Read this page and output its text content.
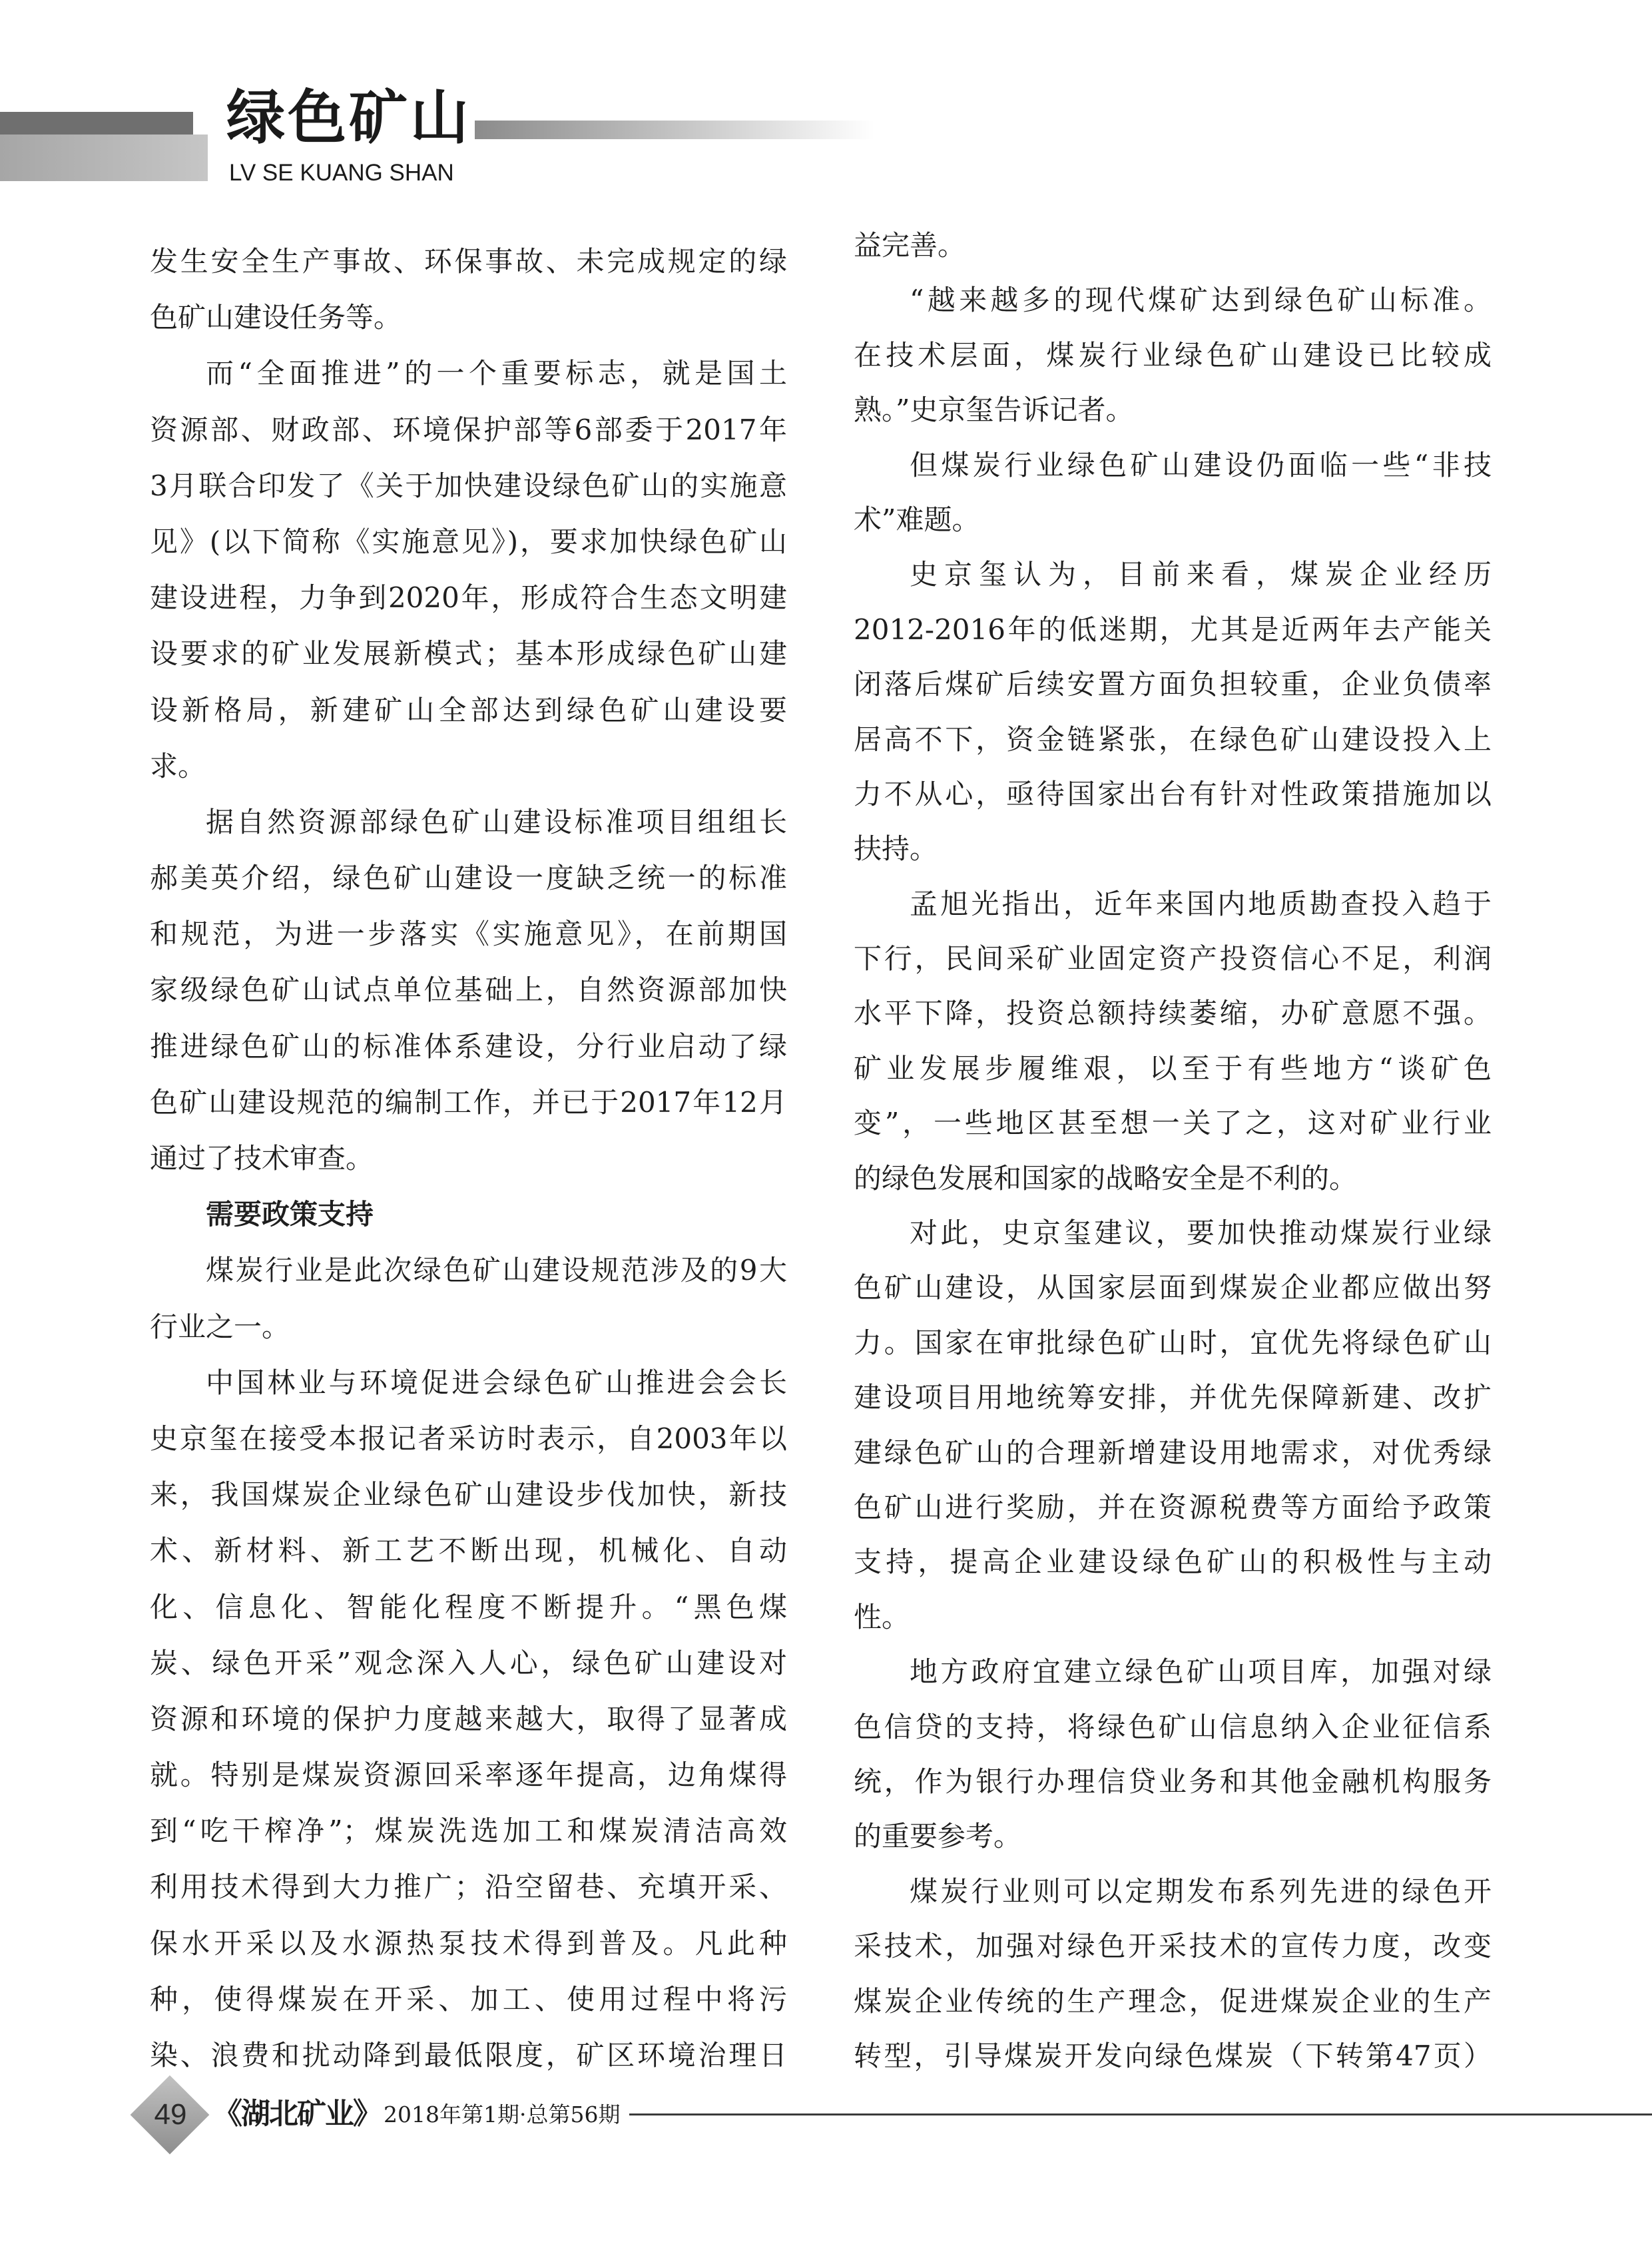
绿色矿山
LV SE KUANG SHAN
发生安全生产事故、环保事故、未完成规定的绿
色矿山建设任务等。
而“全面推进”的一个重要标志，就是国土
资源部、财政部、环境保护部等6部委于2017年
3月联合印发了《关于加快建设绿色矿山的实施意
见》(以下简称《实施意见》)，要求加快绿色矿山
建设进程，力争到2020年，形成符合生态文明建
设要求的矿业发展新模式；基本形成绿色矿山建
设新格局，新建矿山全部达到绿色矿山建设要
求。
据自然资源部绿色矿山建设标准项目组组长
郝美英介绍，绿色矿山建设一度缺乏统一的标准
和规范，为进一步落实《实施意见》，在前期国
家级绿色矿山试点单位基础上，自然资源部加快
推进绿色矿山的标准体系建设，分行业启动了绿
色矿山建设规范的编制工作，并已于2017年12月
通过了技术审查。
需要政策支持
煤炭行业是此次绿色矿山建设规范涉及的9大
行业之一。
中国林业与环境促进会绿色矿山推进会会长
史京玺在接受本报记者采访时表示，自2003年以
来，我国煤炭企业绿色矿山建设步伐加快，新技
术、新材料、新工艺不断出现，机械化、自动
化、信息化、智能化程度不断提升。“黑色煤
炭、绿色开采”观念深入人心，绿色矿山建设对
资源和环境的保护力度越来越大，取得了显著成
就。特别是煤炭资源回采率逐年提高，边角煤得
到“吃干榨净”；煤炭洗选加工和煤炭清洁高效
利用技术得到大力推广；沿空留巷、充填开采、
保水开采以及水源热泵技术得到普及。凡此种
种，使得煤炭在开采、加工、使用过程中将污
染、浪费和扰动降到最低限度，矿区环境治理日
益完善。
“越来越多的现代煤矿达到绿色矿山标准。
在技术层面，煤炭行业绿色矿山建设已比较成
熟。”史京玺告诉记者。
但煤炭行业绿色矿山建设仍面临一些“非技
术”难题。
史京玺认为，目前来看，煤炭企业经历
2012-2016年的低迷期，尤其是近两年去产能关
闭落后煤矿后续安置方面负担较重，企业负债率
居高不下，资金链紧张，在绿色矿山建设投入上
力不从心，亟待国家出台有针对性政策措施加以
扶持。
孟旭光指出，近年来国内地质勘查投入趋于
下行，民间采矿业固定资产投资信心不足，利润
水平下降，投资总额持续萎缩，办矿意愿不强。
矿业发展步履维艰，以至于有些地方“谈矿色
变”，一些地区甚至想一关了之，这对矿业行业
的绿色发展和国家的战略安全是不利的。
对此，史京玺建议，要加快推动煤炭行业绿
色矿山建设，从国家层面到煤炭企业都应做出努
力。国家在审批绿色矿山时，宜优先将绿色矿山
建设项目用地统筹安排，并优先保障新建、改扩
建绿色矿山的合理新增建设用地需求，对优秀绿
色矿山进行奖励，并在资源税费等方面给予政策
支持，提高企业建设绿色矿山的积极性与主动
性。
地方政府宜建立绿色矿山项目库，加强对绿
色信贷的支持，将绿色矿山信息纳入企业征信系
统，作为银行办理信贷业务和其他金融机构服务
的重要参考。
煤炭行业则可以定期发布系列先进的绿色开
采技术，加强对绿色开采技术的宣传力度，改变
煤炭企业传统的生产理念，促进煤炭企业的生产
转型，引导煤炭开发向绿色煤炭（下转第47页）
49 《湖北矿业》 2018年第1期·总第56期
